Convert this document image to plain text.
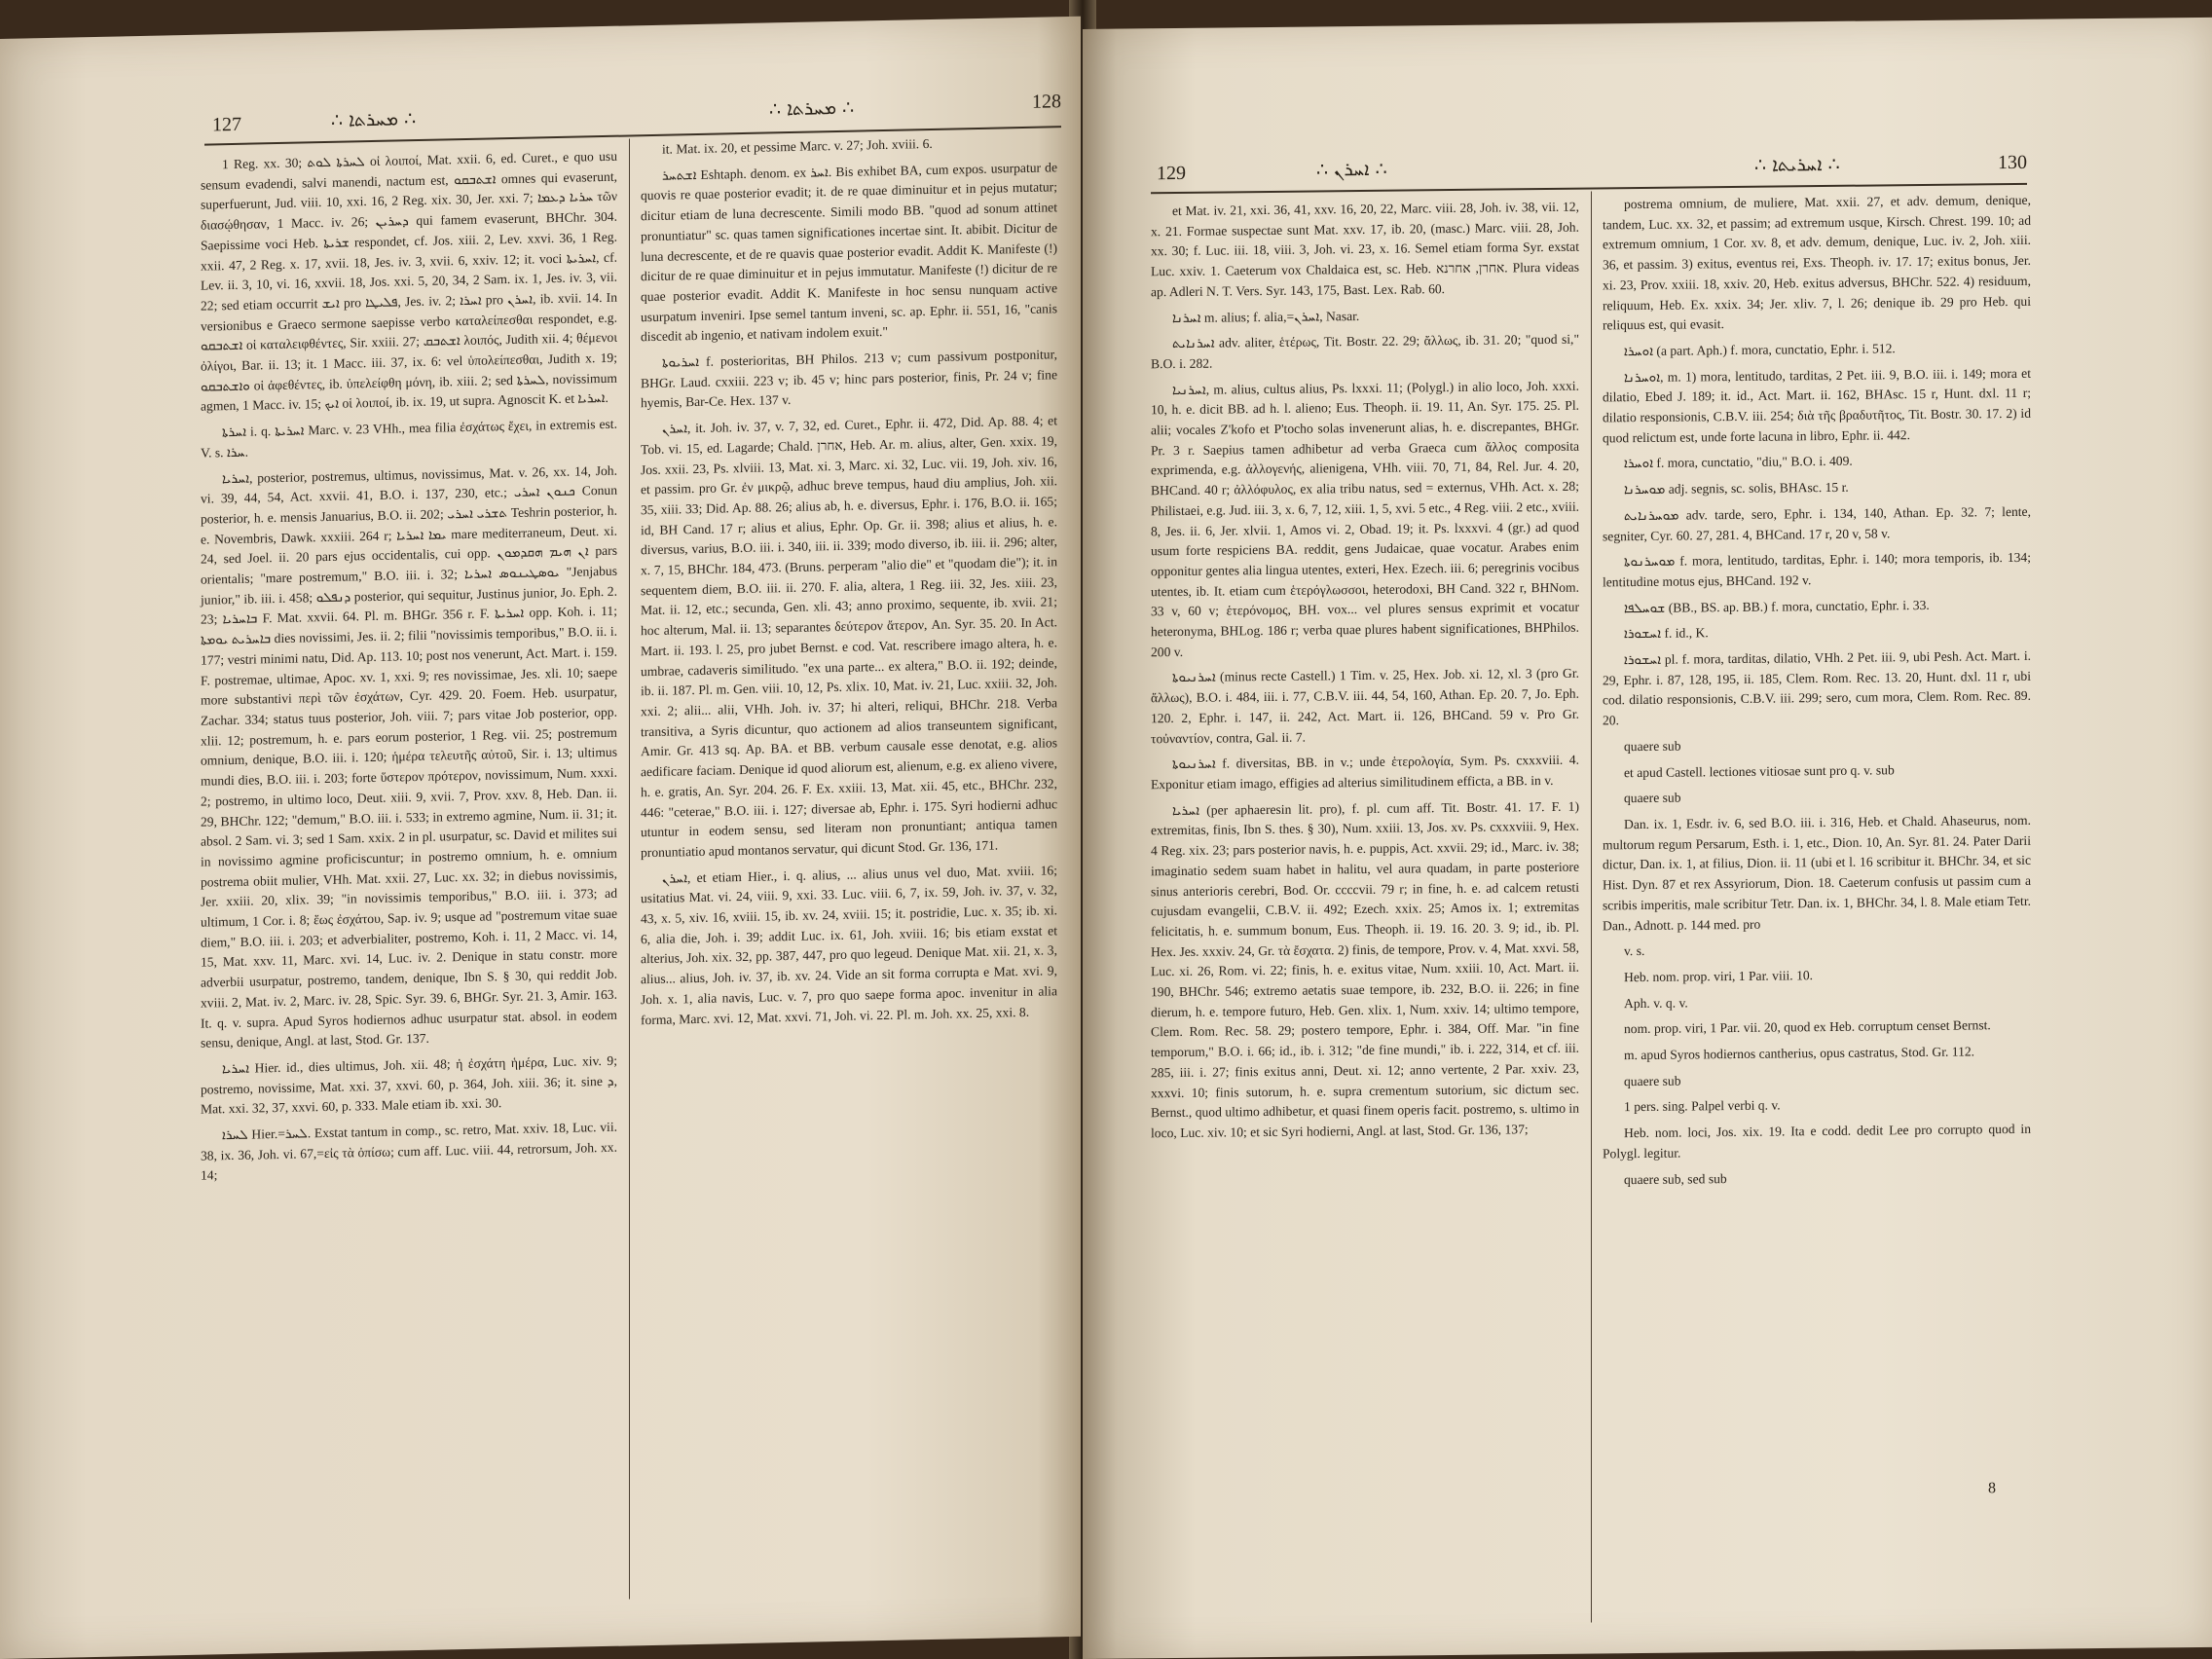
127	∴ ܡܚܪܬܐ ∴	∴ ܡܚܪܬܐ ∴	128

1 Reg. xx. 30; ܠܚܪܬܐ ܠܘܬ οἱ λοιποί, Mat. xxii. 6, ed. Curet., e quo usu sensum evadendi, salvi manendi, nactum est, ܐܫܬܒܩܘ omnes qui evaserunt, superfuerunt, Jud. viii. 10, xxi. 16, 2 Reg. xix. 30, Jer. xxi. 7; ܚܪܝܐ ܕܥܡܐ τῶν διασῴθησαν, 1 Macc. iv. 26; ܕܚܪܝܢ qui famem evaserunt, BHChr. 304. Saepissime voci Heb. ܫܪܝܬܐ respondet, cf. Jos. xiii. 2, Lev. xxvi. 36, 1 Reg. xxii. 47, 2 Reg. x. 17, xvii. 18, Jes. iv. 3, xvii. 6, xxiv. 12; it. voci ܐܚܪܝܬܐ, cf. Lev. ii. 3, 10, vi. 16, xxvii. 18, Jos. xxi. 5, 20, 34, 2 Sam. ix. 1, Jes. iv. 3, vii. 22; sed etiam occurrit ܐܝܫ pro ܦܠܝܛܐ, Jes. iv. 2; ܐܚܪܐ pro ܐܚܪܢ, ib. xvii. 14. In versionibus e Graeco sermone saepisse verbo καταλείπεσθαι respondet, e.g. ܐܫܬܒܩܘ οἱ καταλειφθέντες, Sir. xxiii. 27; ܐܫܬܒܩ λοιπός, Judith xii. 4; θέμενοι ὀλίγοι, Bar. ii. 13; it. 1 Macc. iii. 37, ix. 6: vel ὑπολείπεσθαι, Judith x. 19; ܘܐܫܬܒܩܘ οἱ ἀφεθέντες, ib. ὑπελείφθη μόνη, ib. xiii. 2; sed ܠܚܪܬܐ, novissimum agmen, 1 Macc. iv. 15; ܐܝܟ οἱ λοιποί, ib. ix. 19, ut supra. Agnoscit K. et ܐܚܪܝܐ.

ܐܚܪܬܐ i. q. ܐܚܪܝܬܐ Marc. v. 23 VHh., mea filia ἐσχάτως ἔχει, in extremis est. V. s. ܚܪܐ.

ܐܚܪܝܐ, posterior, postremus, ultimus, novissimus, Mat. v. 26, xx. 14, Joh. vi. 39, 44, 54, Act. xxvii. 41, B.O. i. 137, 230, etc.; ܟܢܘܢ ܐܚܪܝ Conun posterior, h. e. mensis Januarius, B.O. ii. 202; ܬܫܪܝ ܐܚܪܝ Teshrin posterior, h. e. Novembris, Dawk. xxxiii. 264 r; ܝܡܐ ܐܚܪܝܐ mare mediterraneum, Deut. xi. 24, sed Joel. ii. 20 pars ejus occidentalis, cui opp. ܐܢ ܗܝܡ ܗܩܕܡܘܢ pars orientalis; "mare postremum," B.O. iii. i. 32; ܝܘܣܛܝܢܘܣ ܐܚܪܝܐ "Jenjabus junior," ib. iii. i. 458; ܕܢܦܠܘ posterior, qui sequitur, Justinus junior, Jo. Eph. 2. 23; ܒܐܚܪܝܐ F. Mat. xxvii. 64. Pl. m. BHGr. 356 r. F. ܐܚܪܝܬܐ opp. Koh. i. 11; ܒܐܚܪܝܬ ܝܘܡܬܐ dies novissimi, Jes. ii. 2; filii "novissimis temporibus," B.O. ii. i. 177; vestri minimi natu, Did. Ap. 113. 10; post nos venerunt, Act. Mart. i. 159. F. postremae, ultimae, Apoc. xv. 1, xxi. 9; res novissimae, Jes. xli. 10; saepe more substantivi περὶ τῶν ἐσχάτων, Cyr. 429. 20. Foem. Heb. usurpatur, Zachar. 334; status tuus posterior, Joh. viii. 7; pars vitae Job posterior, opp. xlii. 12; postremum, h. e. pars eorum posterior, 1 Reg. vii. 25; postremum omnium, denique, B.O. iii. i. 120; ἡμέρα τελευτῆς αὐτοῦ, Sir. i. 13; ultimus mundi dies, B.O. iii. i. 203; forte ὕστερον πρότερον, novissimum, Num. xxxi. 2; postremo, in ultimo loco, Deut. xiii. 9, xvii. 7, Prov. xxv. 8, Heb. Dan. ii. 29, BHChr. 122; "demum," B.O. iii. i. 533; in extremo agmine, Num. ii. 31; it. absol. 2 Sam. vi. 3; sed 1 Sam. xxix. 2 in pl. usurpatur, sc. David et milites sui in novissimo agmine proficiscuntur; in postremo omnium, h. e. omnium postrema obiit mulier, VHh. Mat. xxii. 27, Luc. xx. 32; in diebus novissimis, Jer. xxiii. 20, xlix. 39; "in novissimis temporibus," B.O. iii. i. 373; ad ultimum, 1 Cor. i. 8; ἕως ἐσχάτου, Sap. iv. 9; usque ad "postremum vitae suae diem," B.O. iii. i. 203; et adverbialiter, postremo, Koh. i. 11, 2 Macc. vi. 14, 15, Mat. xxv. 11, Marc. xvi. 14, Luc. iv. 2. Denique in statu constr. more adverbii usurpatur, postremo, tandem, denique, Ibn S. § 30, qui reddit Job. xviii. 2, Mat. iv. 2, Marc. iv. 28, Spic. Syr. 39. 6, BHGr. Syr. 21. 3, Amir. 163. It. q. v. supra. Apud Syros hodiernos adhuc usurpatur stat. absol. in eodem sensu, denique, Angl. at last, Stod. Gr. 137.

ܐܚܪܝܐ Hier. id., dies ultimus, Joh. xii. 48; ἡ ἐσχάτη ἡμέρα, Luc. xiv. 9; postremo, novissime, Mat. xxi. 37, xxvi. 60, p. 364, Joh. xiii. 36; it. sine ܕ, Mat. xxi. 32, 37, xxvi. 60, p. 333. Male etiam ib. xxi. 30.

ܠܚܪܐ Hier.=ܠܚܪ. Exstat tantum in comp., sc. retro, Mat. xxiv. 18, Luc. vii. 38, ix. 36, Joh. vi. 67,=εἰς τὰ ὀπίσω; cum aff. Luc. viii. 44, retrorsum, Joh. xx. 14;

it. Mat. ix. 20, et pessime Marc. v. 27; Joh. xviii. 6.

ܐܫܬܚܪ Eshtaph. denom. ex ܐܚܪ. Bis exhibet BA, cum expos. usurpatur de quovis re quae posterior evadit; it. de re quae diminuitur et in pejus mutatur; dicitur etiam de luna decrescente. Simili modo BB. "quod ad sonum attinet pronuntiatur" sc. quas tamen significationes incertae sint. It. abibit. Dicitur de luna decrescente, et de re quavis quae posterior evadit. Addit K. Manifeste (!) dicitur de re quae diminuitur et in pejus immutatur. Manifeste (!) dicitur de re quae posterior evadit. Addit K. Manifeste in hoc sensu nunquam active usurpatum inveniri. Ipse semel tantum inveni, sc. ap. Ephr. ii. 551, 16, "canis discedit ab ingenio, et nativam indolem exuit."

ܐܚܪܝܘܬܐ f. posterioritas, BH Philos. 213 v; cum passivum postponitur, BHGr. Laud. cxxiii. 223 v; ib. 45 v; hinc pars posterior, finis, Pr. 24 v; fine hyemis, Bar-Ce. Hex. 137 v.

ܐܚܪܢ, it. Joh. iv. 37, v. 7, 32, ed. Curet., Ephr. ii. 472, Did. Ap. 88. 4; et Tob. vi. 15, ed. Lagarde; Chald. אחרן, Heb. Ar. m. alius, alter, Gen. xxix. 19, Jos. xxii. 23, Ps. xlviii. 13, Mat. xi. 3, Marc. xi. 32, Luc. vii. 19, Joh. xiv. 16, et passim. pro Gr. ἐν μικρῷ, adhuc breve tempus, haud diu amplius, Joh. xii. 35, xiii. 33; Did. Ap. 88. 26; alius ab, h. e. diversus, Ephr. i. 176, B.O. ii. 165; id, BH Cand. 17 r; alius et alius, Ephr. Op. Gr. ii. 398; alius et alius, h. e. diversus, varius, B.O. iii. i. 340, iii. ii. 339; modo diverso, ib. iii. ii. 296; alter, x. 7, 15, BHChr. 184, 473. (Bruns. perperam "alio die" et "quodam die"); it. in sequentem diem, B.O. iii. ii. 270. F. alia, altera, 1 Reg. iii. 32, Jes. xiii. 23, Mat. ii. 12, etc.; secunda, Gen. xli. 43; anno proximo, sequente, ib. xvii. 21; hoc alterum, Mal. ii. 13; separantes δεύτερον ἄτερον, An. Syr. 35. 20. In Act. Mart. ii. 193. l. 25, pro jubet Bernst. e cod. Vat. rescribere imago altera, h. e. umbrae, cadaveris similitudo. "ex una parte... ex altera," B.O. ii. 192; deinde, ib. ii. 187. Pl. m. Gen. viii. 10, 12, Ps. xlix. 10, Mat. iv. 21, Luc. xxiii. 32, Joh. xxi. 2; alii... alii, VHh. Joh. iv. 37; hi alteri, reliqui, BHChr. 218. Verba transitiva, a Syris dicuntur, quo actionem ad alios transeuntem significant, Amir. Gr. 413 sq. Ap. BA. et BB. verbum causale esse denotat, e.g. alios aedificare faciam. Denique id quod aliorum est, alienum, e.g. ex alieno vivere, h. e. gratis, An. Syr. 204. 26. F. Ex. xxiii. 13, Mat. xii. 45, etc., BHChr. 232, 446: "ceterae," B.O. iii. i. 127; diversae ab, Ephr. i. 175. Syri hodierni adhuc utuntur in eodem sensu, sed literam non pronuntiant; antiqua tamen pronuntiatio apud montanos servatur, qui dicunt Stod. Gr. 136, 171.

ܐܚܪܢ, et etiam Hier., i. q. alius, ... alius unus vel duo, Mat. xviii. 16; usitatius Mat. vi. 24, viii. 9, xxi. 33. Luc. viii. 6, 7, ix. 59, Joh. iv. 37, v. 32, 43, x. 5, xiv. 16, xviii. 15, ib. xv. 24, xviii. 15; it. postridie, Luc. x. 35; ib. xi. 6, alia die, Joh. i. 39; addit Luc. ix. 61, Joh. xviii. 16; bis etiam exstat et alterius, Joh. xix. 32, pp. 387, 447, pro quo legeud. Denique Mat. xii. 21, x. 3, alius... alius, Joh. iv. 37, ib. xv. 24. Vide an sit forma corrupta e Mat. xvi. 9, Joh. x. 1, alia navis, Luc. v. 7, pro quo saepe forma apoc. invenitur in alia forma, Marc. xvi. 12, Mat. xxvi. 71, Joh. vi. 22. Pl. m. Joh. xx. 25, xxi. 8.

129	∴ ܐܚܪܢ ∴	∴ ܐܚܪܝܬܐ ∴	130

et Mat. iv. 21, xxi. 36, 41, xxv. 16, 20, 22, Marc. viii. 28, Joh. iv. 38, vii. 12, x. 21. Formae suspectae sunt Mat. xxv. 17, ib. 20, (masc.) Marc. viii. 28, Joh. xx. 30; f. Luc. iii. 18, viii. 3, Joh. vi. 23, x. 16. Semel etiam forma Syr. exstat Luc. xxiv. 1. Caeterum vox Chaldaica est, sc. Heb. אחרן, אחרנא. Plura videas ap. Adleri N. T. Vers. Syr. 143, 175, Bast. Lex. Rab. 60.

ܐܚܪܢܐ m. alius; f. alia,=ܐܚܪܢ, Nasar.

ܐܚܪܢܐܝܬ adv. aliter, ἑτέρως, Tit. Bostr. 22. 29; ἄλλως, ib. 31. 20; "quod si," B.O. i. 282.

ܐܚܪܢܝܐ, m. alius, cultus alius, Ps. lxxxi. 11; (Polygl.) in alio loco, Joh. xxxi. 10, h. e. dicit BB. ad h. l. alieno; Eus. Theoph. ii. 19. 11, An. Syr. 175. 25. Pl. alii; vocales Z'kofo et P'tocho solas invenerunt alias, h. e. discrepantes, BHGr. Pr. 3 r. Saepius tamen adhibetur ad verba Graeca cum ἄλλος composita exprimenda, e.g. ἀλλογενής, alienigena, VHh. viii. 70, 71, 84, Rel. Jur. 4. 20, BHCand. 40 r; ἀλλόφυλος, ex alia tribu natus, sed = externus, VHh. Act. x. 28; Philistaei, e.g. Jud. iii. 3, x. 6, 7, 12, xiii. 1, 5, xvi. 5 etc., 4 Reg. viii. 2 etc., xviii. 8, Jes. ii. 6, Jer. xlvii. 1, Amos vi. 2, Obad. 19; it. Ps. lxxxvi. 4 (gr.) ad quod usum forte respiciens BA. reddit, gens Judaicae, quae vocatur. Arabes enim opponitur gentes alia lingua utentes, exteri, Hex. Ezech. iii. 6; peregrinis vocibus utentes, ib. It. etiam cum ἑτερόγλωσσοι, heterodoxi, BH Cand. 322 r, BHNom. 33 v, 60 v; ἑτερόνομος, BH. vox... vel plures sensus exprimit et vocatur heteronyma, BHLog. 186 r; verba quae plures habent significationes, BHPhilos. 200 v.

ܐܚܪܢܝܘܬܐ (minus recte Castell.) 1 Tim. v. 25, Hex. Job. xi. 12, xl. 3 (pro Gr. ἄλλως), B.O. i. 484, iii. i. 77, C.B.V. iii. 44, 54, 160, Athan. Ep. 20. 7, Jo. Eph. 120. 2, Ephr. i. 147, ii. 242, Act. Mart. ii. 126, BHCand. 59 v. Pro Gr. τοὐναντίον, contra, Gal. ii. 7.

ܐܚܪܢܝܘܬܐ f. diversitas, BB. in v.; unde ἑτερολογία, Sym. Ps. cxxxviii. 4. Exponitur etiam imago, effigies ad alterius similitudinem efficta, a BB. in v.

ܐܚܪܝܐ (per aphaeresin lit. pro), f. pl. cum aff. Tit. Bostr. 41. 17. F. 1) extremitas, finis, Ibn S. thes. § 30), Num. xxiii. 13, Jos. xv. Ps. cxxxviii. 9, Hex. 4 Reg. xix. 23; pars posterior navis, h. e. puppis, Act. xxvii. 29; id., Marc. iv. 38; imaginatio sedem suam habet in halitu, vel aura quadam, in parte posteriore sinus anterioris cerebri, Bod. Or. ccccvii. 79 r; in fine, h. e. ad calcem retusti cujusdam evangelii, C.B.V. ii. 492; Ezech. xxix. 25; Amos ix. 1; extremitas felicitatis, h. e. summum bonum, Eus. Theoph. ii. 19. 16. 20. 3. 9; id., ib. Pl. Hex. Jes. xxxiv. 24, Gr. τὰ ἔσχατα. 2) finis, de tempore, Prov. v. 4, Mat. xxvi. 58, Luc. xi. 26, Rom. vi. 22; finis, h. e. exitus vitae, Num. xxiii. 10, Act. Mart. ii. 190, BHChr. 546; extremo aetatis suae tempore, ib. 232, B.O. ii. 226; in fine dierum, h. e. tempore futuro, Heb. Gen. xlix. 1, Num. xxiv. 14; ultimo tempore, Clem. Rom. Rec. 58. 29; postero tempore, Ephr. i. 384, Off. Mar. "in fine temporum," B.O. i. 66; id., ib. i. 312; "de fine mundi," ib. i. 222, 314, et cf. iii. 285, iii. i. 27; finis exitus anni, Deut. xi. 12; anno vertente, 2 Par. xxiv. 23, xxxvi. 10; finis sutorum, h. e. supra crementum sutorium, sic dictum sec. Bernst., quod ultimo adhibetur, et quasi finem operis facit. postremo, s. ultimo in loco, Luc. xiv. 10; et sic Syri hodierni, Angl. at last, Stod. Gr. 136, 137;

postrema omnium, de muliere, Mat. xxii. 27, et adv. demum, denique, tandem, Luc. xx. 32, et passim; ad extremum usque, Kirsch. Chrest. 199. 10; ad extremum omnium, 1 Cor. xv. 8, et adv. demum, denique, Luc. iv. 2, Joh. xiii. 36, et passim. 3) exitus, eventus rei, Exs. Theoph. iv. 17. 17; exitus bonus, Jer. xi. 23, Prov. xxiii. 18, xxiv. 20, Heb. exitus adversus, BHChr. 522. 4) residuum, reliquum, Heb. Ex. xxix. 34; Jer. xliv. 7, l. 26; denique ib. 29 pro Heb. qui reliquus est, qui evasit.

ܐܘܚܪܐ (a part. Aph.) f. mora, cunctatio, Ephr. i. 512.

ܐܘܚܪܢܐ, m. 1) mora, lentitudo, tarditas, 2 Pet. iii. 9, B.O. iii. i. 149; mora et dilatio, Ebed J. 189; it. id., Act. Mart. ii. 162, BHAsc. 15 r, Hunt. dxl. 11 r; dilatio responsionis, C.B.V. iii. 254; διὰ τῆς βραδυτῆτος, Tit. Bostr. 30. 17. 2) id quod relictum est, unde forte lacuna in libro, Ephr. ii. 442.

ܐܘܚܪܐ f. mora, cunctatio, "diu," B.O. i. 409.

ܡܘܚܪܢܐ adj. segnis, sc. solis, BHAsc. 15 r.

ܡܘܚܪܢܐܝܬ adv. tarde, sero, Ephr. i. 134, 140, Athan. Ep. 32. 7; lente, segniter, Cyr. 60. 27, 281. 4, BHCand. 17 r, 20 v, 58 v.

ܡܘܚܪܢܘܬܐ f. mora, lentitudo, tarditas, Ephr. i. 140; mora temporis, ib. 134; lentitudine motus ejus, BHCand. 192 v.

ܫܘܚܠܦܐ (BB., BS. ap. BB.) f. mora, cunctatio, Ephr. i. 33.

ܐܚܫܘܪܐ f. id., K.

ܐܚܫܘܪܐ pl. f. mora, tarditas, dilatio, VHh. 2 Pet. iii. 9, ubi Pesh. Act. Mart. i. 29, Ephr. i. 87, 128, 195, ii. 185, Clem. Rom. Rec. 13. 20, Hunt. dxl. 11 r, ubi cod. dilatio responsionis, C.B.V. iii. 299; sero, cum mora, Clem. Rom. Rec. 89. 20.

quaere sub

et apud Castell. lectiones vitiosae sunt pro q. v. sub

quaere sub

Dan. ix. 1, Esdr. iv. 6, sed B.O. iii. i. 316, Heb. et Chald. Ahaseurus, nom. multorum regum Persarum, Esth. i. 1, etc., Dion. 10, An. Syr. 81. 24. Pater Darii dictur, Dan. ix. 1, at filius, Dion. ii. 11 (ubi et l. 16 scribitur it. BHChr. 34, et sic Hist. Dyn. 87 et rex Assyriorum, Dion. 18. Caeterum confusis ut passim cum a scribis imperitis, male scribitur Tetr. Dan. ix. 1, BHChr. 34, l. 8. Male etiam Tetr. Dan., Adnott. p. 144 med. pro

v. s.

Heb. nom. prop. viri, 1 Par. viii. 10.

Aph. v. q. v.

nom. prop. viri, 1 Par. vii. 20, quod ex Heb. corruptum censet Bernst.

m. apud Syros hodiernos cantherius, opus castratus, Stod. Gr. 112.

quaere sub

1 pers. sing. Palpel verbi q. v.

Heb. nom. loci, Jos. xix. 19. Ita e codd. dedit Lee pro corrupto quod in Polygl. legitur.

quaere sub, sed sub

8
